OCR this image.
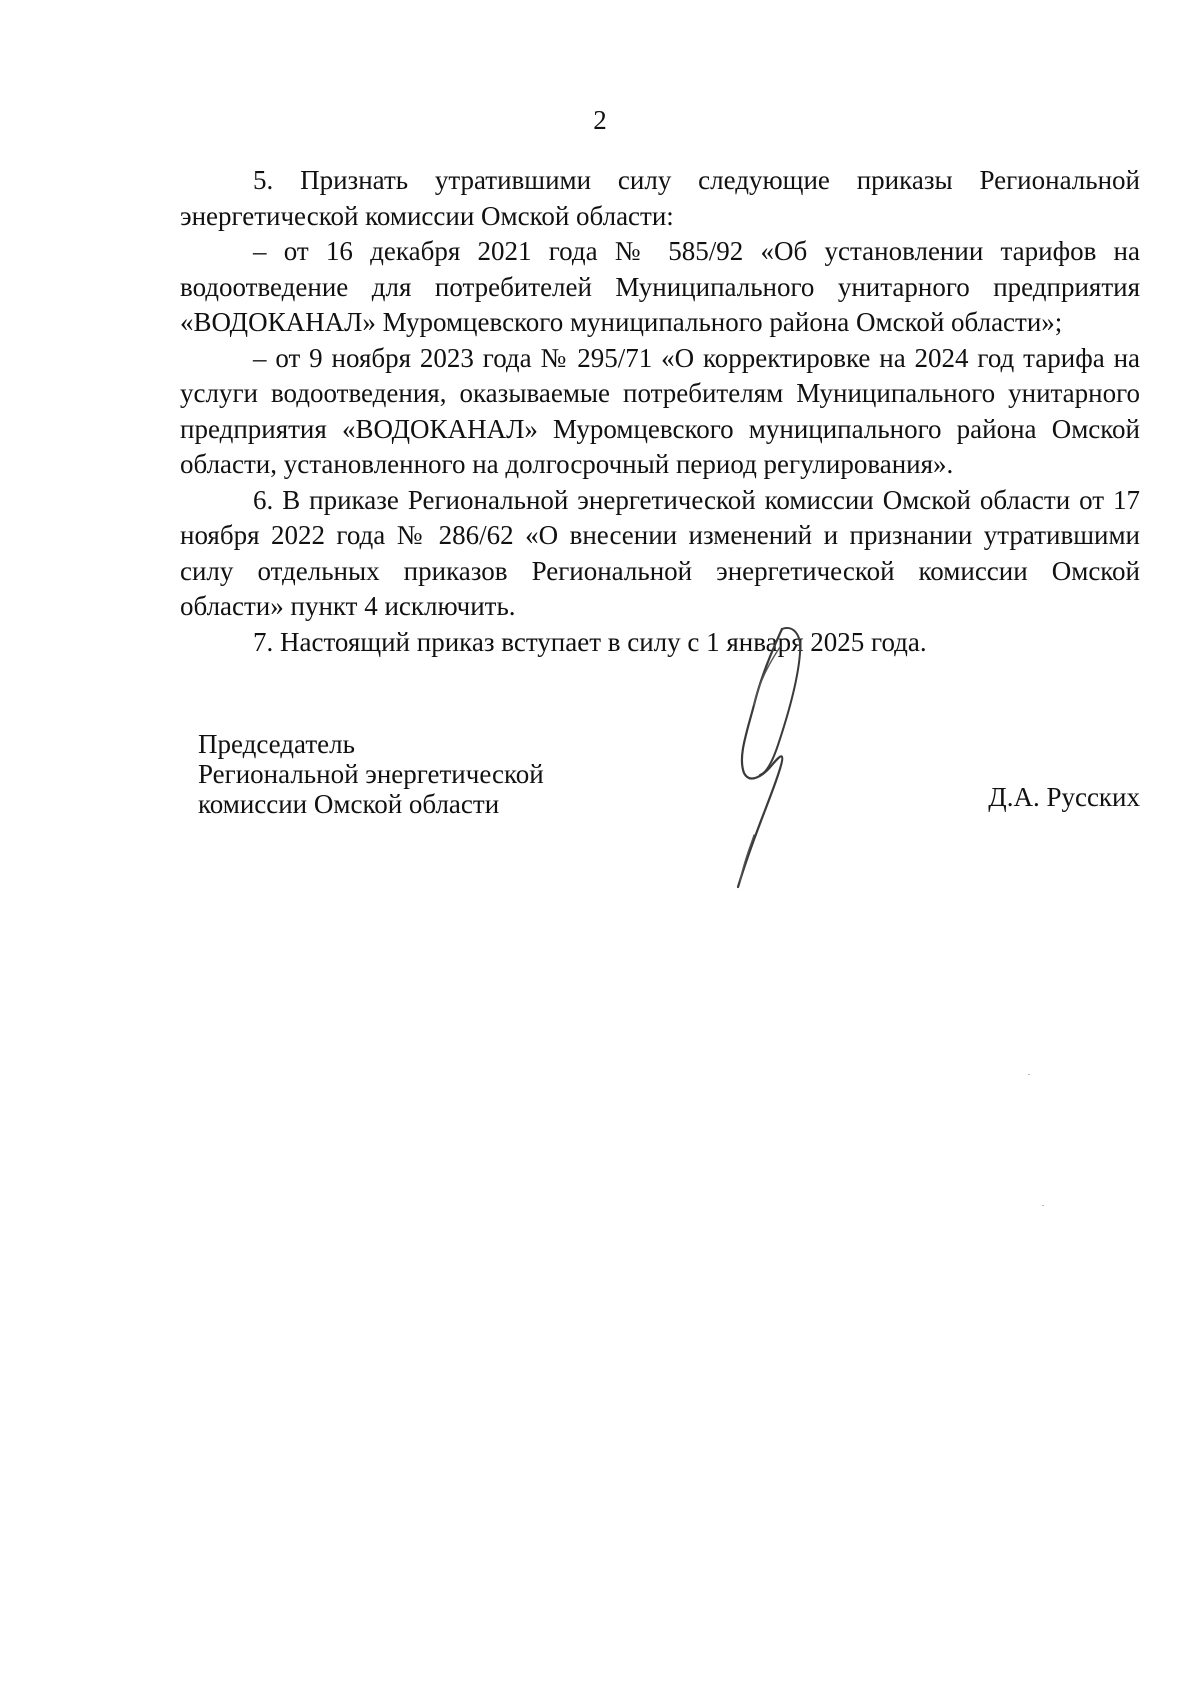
2

5. Признать утратившими силу следующие приказы Региональной энергетической комиссии Омской области:

– от 16 декабря 2021 года № 585/92 «Об установлении тарифов на водоотведение для потребителей Муниципального унитарного предприятия «ВОДОКАНАЛ» Муромцевского муниципального района Омской области»;

– от 9 ноября 2023 года № 295/71 «О корректировке на 2024 год тарифа на услуги водоотведения, оказываемые потребителям Муниципального унитарного предприятия «ВОДОКАНАЛ» Муромцевского муниципального района Омской области, установленного на долгосрочный период регулирования».

6. В приказе Региональной энергетической комиссии Омской области от 17 ноября 2022 года № 286/62 «О внесении изменений и признании утратившими силу отдельных приказов Региональной энергетической комиссии Омской области» пункт 4 исключить.

7. Настоящий приказ вступает в силу с 1 января 2025 года.

Председатель
Региональной энергетической
комиссии Омской области	Д.А. Русских
